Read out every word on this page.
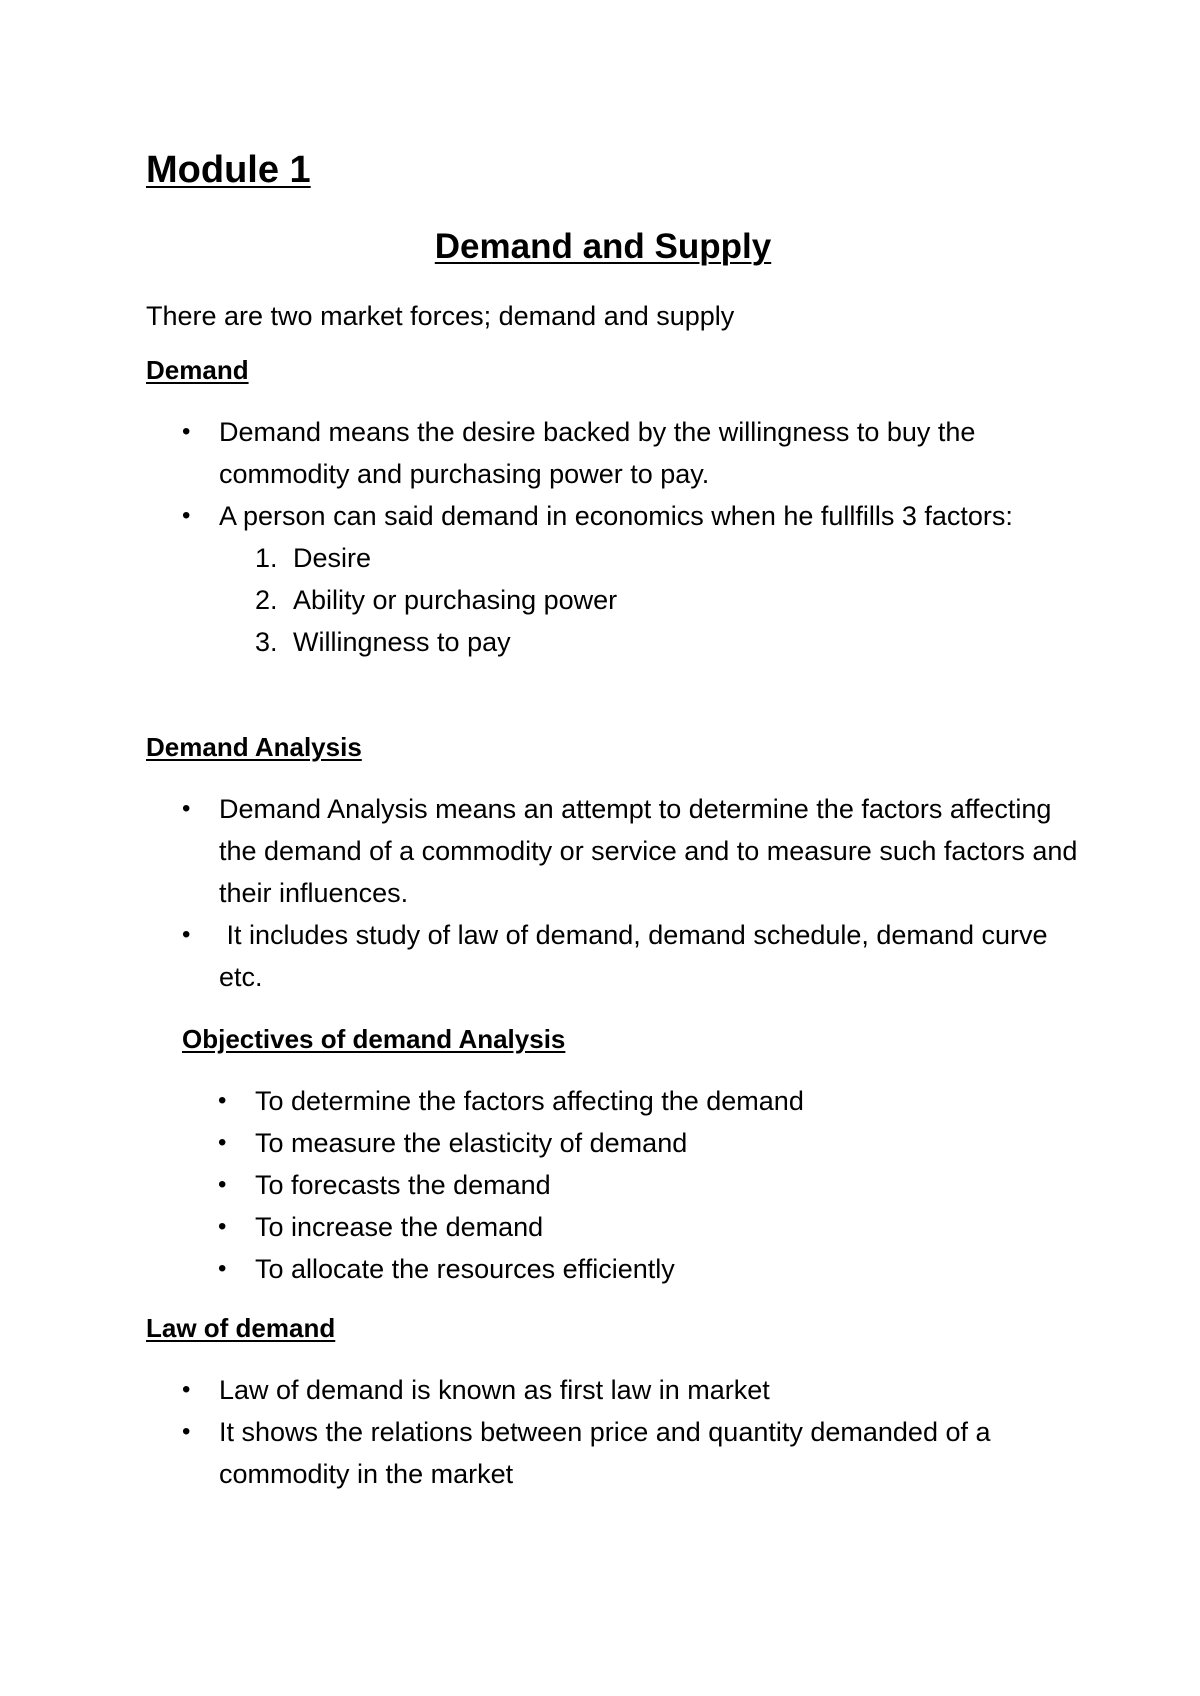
Module 1
Demand and Supply

There are two market forces; demand and supply

Demand
• Demand means the desire backed by the willingness to buy the commodity and purchasing power to pay.
• A person can said demand in economics when he fullfills 3 factors:
1. Desire
2. Ability or purchasing power
3. Willingness to pay
Demand Analysis
• Demand Analysis means an attempt to determine the factors affecting the demand of a commodity or service and to measure such factors and their influences.
•  It includes study of law of demand, demand schedule, demand curve etc.
Objectives of demand Analysis
• To determine the factors affecting the demand
• To measure the elasticity of demand
• To forecasts the demand
• To increase the demand
• To allocate the resources efficiently
Law of demand
• Law of demand is known as first law in market
• It shows the relations between price and quantity demanded of a commodity in the market
